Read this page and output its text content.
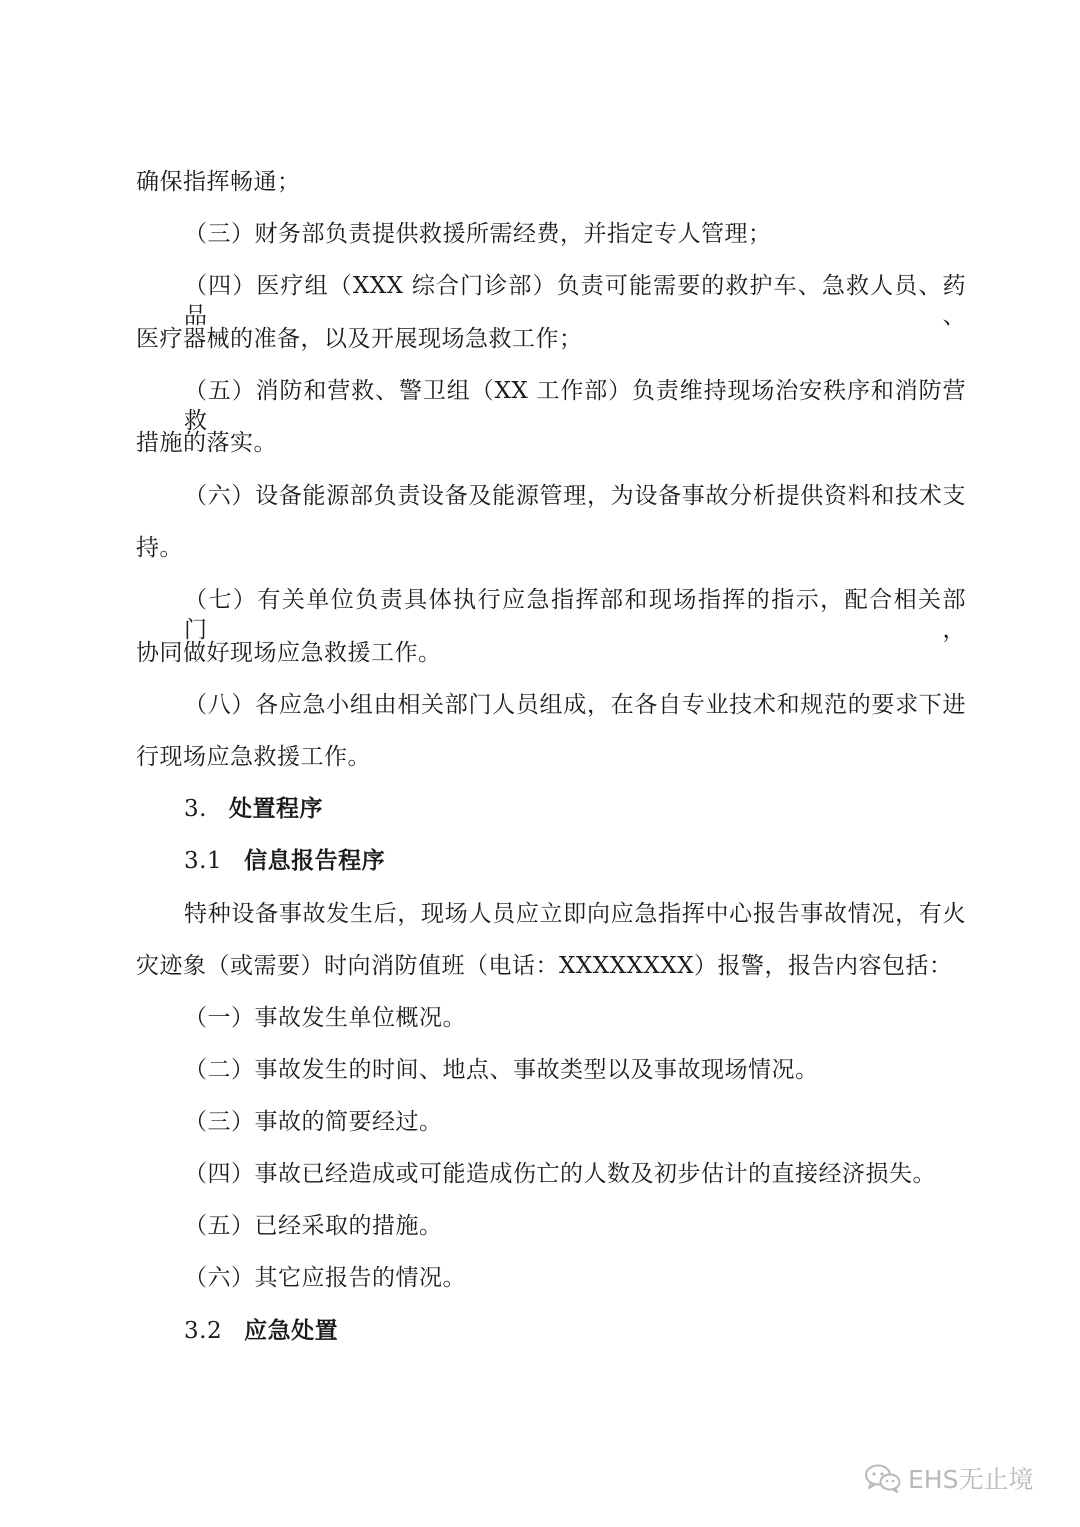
确保指挥畅通；
（三）财务部负责提供救援所需经费，并指定专人管理；
（四）医疗组（XXX 综合门诊部）负责可能需要的救护车、急救人员、药品、
医疗器械的准备，以及开展现场急救工作；
（五）消防和营救、警卫组（XX 工作部）负责维持现场治安秩序和消防营救
措施的落实。
（六）设备能源部负责设备及能源管理，为设备事故分析提供资料和技术支
持。
（七）有关单位负责具体执行应急指挥部和现场指挥的指示，配合相关部门，
协同做好现场应急救援工作。
（八）各应急小组由相关部门人员组成，在各自专业技术和规范的要求下进
行现场应急救援工作。
3. 处置程序
3.1 信息报告程序
特种设备事故发生后，现场人员应立即向应急指挥中心报告事故情况，有火
灾迹象（或需要）时向消防值班（电话：XXXXXXXX）报警，报告内容包括：
（一）事故发生单位概况。
（二）事故发生的时间、地点、事故类型以及事故现场情况。
（三）事故的简要经过。
（四）事故已经造成或可能造成伤亡的人数及初步估计的直接经济损失。
（五）已经采取的措施。
（六）其它应报告的情况。
3.2 应急处置
EHS无止境
